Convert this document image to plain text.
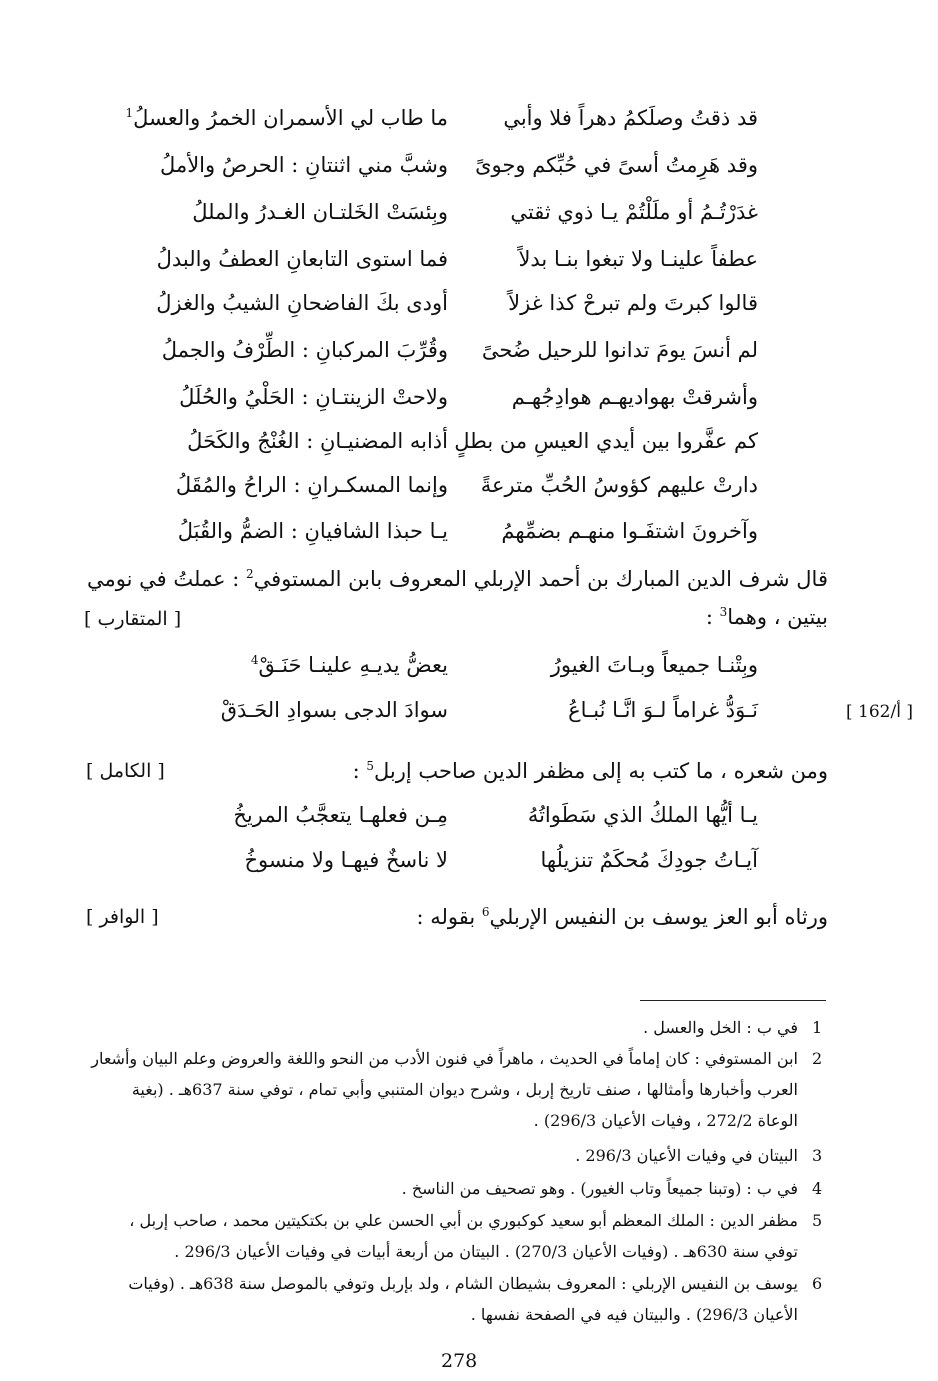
قد ذقتُ وصلَكمُ دهراً فلا وأبي
ما طاب لي الأسمران الخمرُ والعسلُ$^1$
وقد هَرِمتُ أسىً في حُبِّكم وجوىً
وشبَّ مني اثنتانِ : الحرصُ والأملُ
غدَرْتُـمُ أو ملَلْتُمْ يـا ذوي ثقتي
وبِئسَتْ الخَلتـان الغـدرُ والمللُ
عطفاً علينـا ولا تبغوا بنـا بدلاً
فما استوى التابعانِ العطفُ والبدلُ
قالوا كبرتَ ولم تبرحْ كذا غزلاً
أودى بكَ الفاضحانِ الشيبُ والغزلُ
لم أنسَ يومَ تدانوا للرحيل ضُحىً
وقُرِّبَ المركبانِ : الطِّرْفُ والجملُ
وأشرقتْ بهواديهـم هوادِجُهـم
ولاحتْ الزينتـانِ : الحَلْيُ والحُلَلُ
كم عفَّروا بين أيدي العيسِ من بطلٍ
أذابه المضنيـانِ : الغُنْجُ والكَحَلُ
دارتْ عليهم كؤوسُ الحُبِّ مترعةً
وإنما المسكـرانِ : الراحُ والمُقَلُ
وآخرونَ اشتفَـوا منهـم بضمِّهمُ
يـا حبذا الشافيانِ : الضمُّ والقُبَلُ
قال شرف الدين المبارك بن أحمد الإربلي المعروف بابن المستوفي$^2$ : عملتُ في نومي
بيتين ، وهما$^3$ :
[ المتقارب ]
وبِتْنـا جميعاً وبـاتَ الغيورُ
يعضُّ يديـهِ علينـا حَنَـقْ$^4$
نَـوَدُّ غراماً لـوَ انَّـا نُبـاعُ
سوادَ الدجى بسوادِ الحَـدَقْ	[ 162/أ ]
ومن شعره ، ما كتب به إلى مظفر الدين صاحب إربل$^5$ :
[ الكامل ]
يـا أيُّها الملكُ الذي سَطَواتُهُ
مِـن فعلهـا يتعجَّبُ المريخُ
آيـاتُ جودِكَ مُحكَمٌ تنزيلُها
لا ناسخٌ فيهـا ولا منسوخُ
ورثاه أبو العز يوسف بن النفيس الإربلي$^6$ بقوله :
[ الوافر ]
1
في ب : الخل والعسل .
2
ابن المستوفي : كان إماماً في الحديث ، ماهراً في فنون الأدب من النحو واللغة والعروض وعلم البيان وأشعار
العرب وأخبارها وأمثالها ، صنف تاريخ إربل ، وشرح ديوان المتنبي وأبي تمام ، توفي سنة 637هـ . (بغية
الوعاة 272/2 ، وفيات الأعيان 296/3) .
3
البيتان في وفيات الأعيان 296/3 .
4
في ب : (وتبنا جميعاً وتاب الغيور) . وهو تصحيف من الناسخ .
5
مظفر الدين : الملك المعظم أبو سعيد كوكبوري بن أبي الحسن علي بن بكتكيتين محمد ، صاحب إربل ،
توفي سنة 630هـ . (وفيات الأعيان 270/3) . البيتان من أربعة أبيات في وفيات الأعيان 296/3 .
6
يوسف بن النفيس الإربلي : المعروف بشيطان الشام ، ولد بإربل وتوفي بالموصل سنة 638هـ . (وفيات
الأعيان 296/3) . والبيتان فيه في الصفحة نفسها .
278
